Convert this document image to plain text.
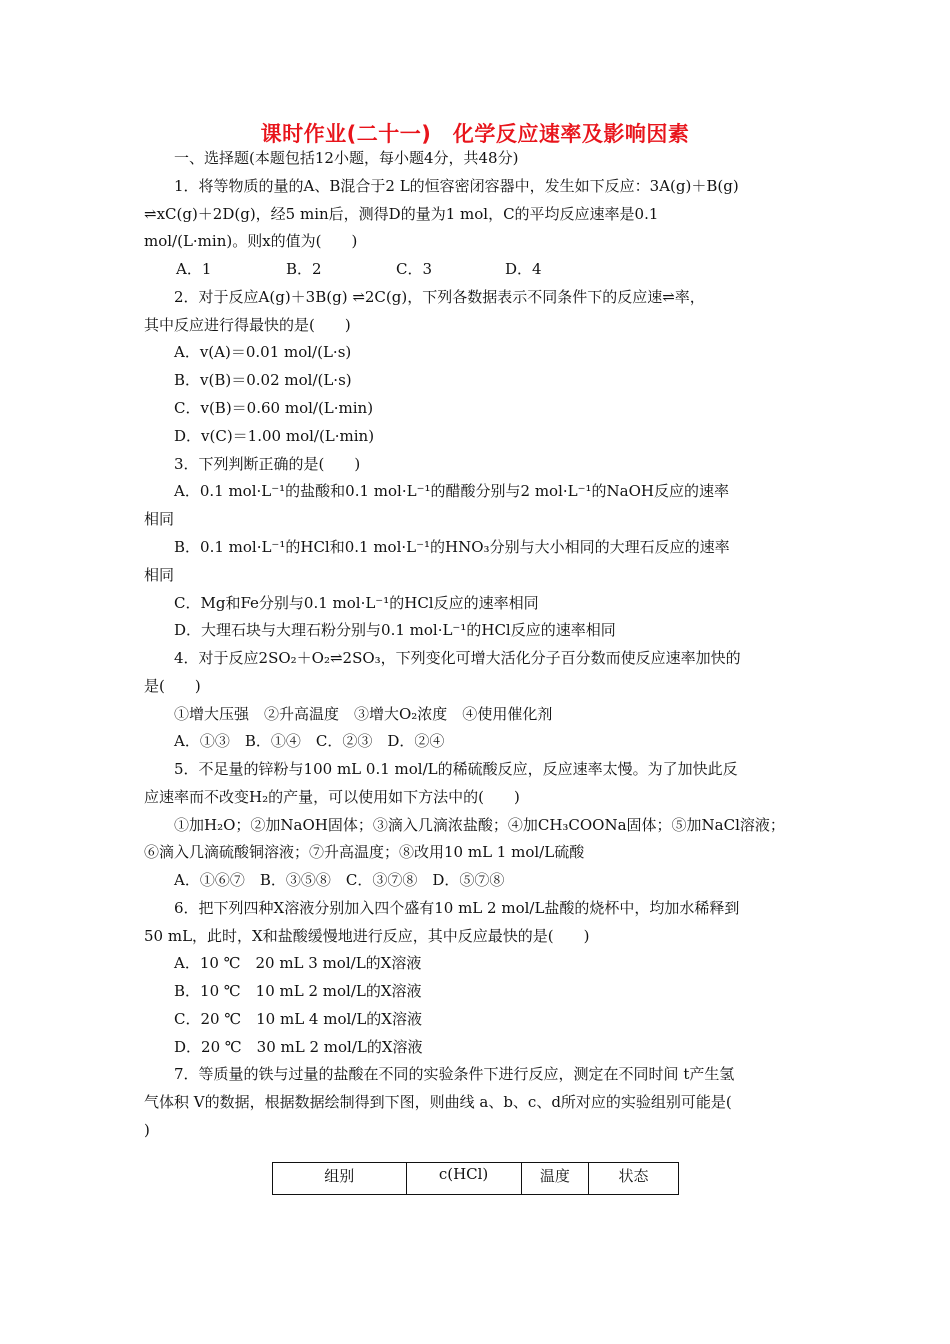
课时作业(二十一)　化学反应速率及影响因素
一、选择题(本题包括12小题，每小题4分，共48分)
1．将等物质的量的A、B混合于2 L的恒容密闭容器中，发生如下反应：3A(g)＋B(g)
⇌xC(g)＋2D(g)，经5 min后，测得D的量为1 mol，C的平均反应速率是0.1
mol/(L·min)。则x的值为(　　)
A．1	B．2	C．3	D．4
2．对于反应A(g)＋3B(g) ⇌2C(g)，下列各数据表示不同条件下的反应速⇌率，
其中反应进行得最快的是(　　)
A．v(A)＝0.01 mol/(L·s)
B．v(B)＝0.02 mol/(L·s)
C．v(B)＝0.60 mol/(L·min)
D．v(C)＝1.00 mol/(L·min)
3．下列判断正确的是(　　)
A．0.1 mol·L⁻¹的盐酸和0.1 mol·L⁻¹的醋酸分别与2 mol·L⁻¹的NaOH反应的速率
相同
B．0.1 mol·L⁻¹的HCl和0.1 mol·L⁻¹的HNO₃分别与大小相同的大理石反应的速率
相同
C．Mg和Fe分别与0.1 mol·L⁻¹的HCl反应的速率相同
D．大理石块与大理石粉分别与0.1 mol·L⁻¹的HCl反应的速率相同
4．对于反应2SO₂＋O₂⇌2SO₃，下列变化可增大活化分子百分数而使反应速率加快的
是(　　)
①增大压强　②升高温度　③增大O₂浓度　④使用催化剂
A．①③　B．①④　C．②③　D．②④
5．不足量的锌粉与100 mL 0.1 mol/L的稀硫酸反应，反应速率太慢。为了加快此反
应速率而不改变H₂的产量，可以使用如下方法中的(　　)
①加H₂O；②加NaOH固体；③滴入几滴浓盐酸；④加CH₃COONa固体；⑤加NaCl溶液；
⑥滴入几滴硫酸铜溶液；⑦升高温度；⑧改用10 mL 1 mol/L硫酸
A．①⑥⑦　B．③⑤⑧　C．③⑦⑧　D．⑤⑦⑧
6．把下列四种X溶液分别加入四个盛有10 mL 2 mol/L盐酸的烧杯中，均加水稀释到
50 mL，此时，X和盐酸缓慢地进行反应，其中反应最快的是(　　)
A．10 ℃　20 mL 3 mol/L的X溶液
B．10 ℃　10 mL 2 mol/L的X溶液
C．20 ℃　10 mL 4 mol/L的X溶液
D．20 ℃　30 mL 2 mol/L的X溶液
7．等质量的铁与过量的盐酸在不同的实验条件下进行反应，测定在不同时间 t产生氢
气体积 V的数据，根据数据绘制得到下图，则曲线 a、b、c、d所对应的实验组别可能是(
)
组别	c(HCl)	温度	状态
